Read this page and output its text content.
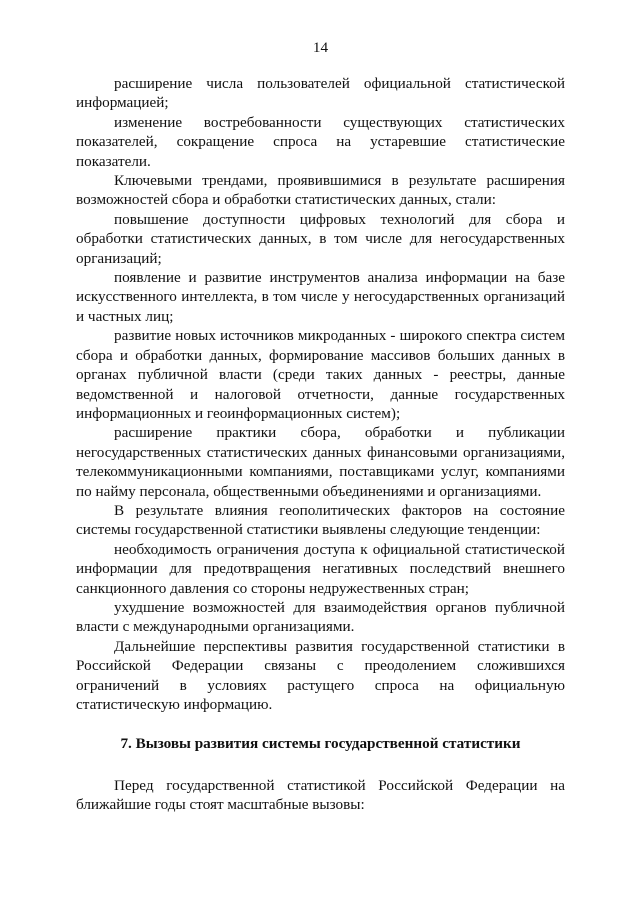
14

расширение числа пользователей официальной статистической информацией;

изменение востребованности существующих статистических показателей, сокращение спроса на устаревшие статистические показатели.

Ключевыми трендами, проявившимися в результате расширения возможностей сбора и обработки статистических данных, стали:

повышение доступности цифровых технологий для сбора и обработки статистических данных, в том числе для негосударственных организаций;

появление и развитие инструментов анализа информации на базе искусственного интеллекта, в том числе у негосударственных организаций и частных лиц;

развитие новых источников микроданных - широкого спектра систем сбора и обработки данных, формирование массивов больших данных в органах публичной власти (среди таких данных - реестры, данные ведомственной и налоговой отчетности, данные государственных информационных и геоинформационных систем);

расширение практики сбора, обработки и публикации негосударственных статистических данных финансовыми организациями, телекоммуникационными компаниями, поставщиками услуг, компаниями по найму персонала, общественными объединениями и организациями.

В результате влияния геополитических факторов на состояние системы государственной статистики выявлены следующие тенденции:

необходимость ограничения доступа к официальной статистической информации для предотвращения негативных последствий внешнего санкционного давления со стороны недружественных стран;

ухудшение возможностей для взаимодействия органов публичной власти с международными организациями.

Дальнейшие перспективы развития государственной статистики в Российской Федерации связаны с преодолением сложившихся ограничений в условиях растущего спроса на официальную статистическую информацию.

7. Вызовы развития системы государственной статистики

Перед государственной статистикой Российской Федерации на ближайшие годы стоят масштабные вызовы:
